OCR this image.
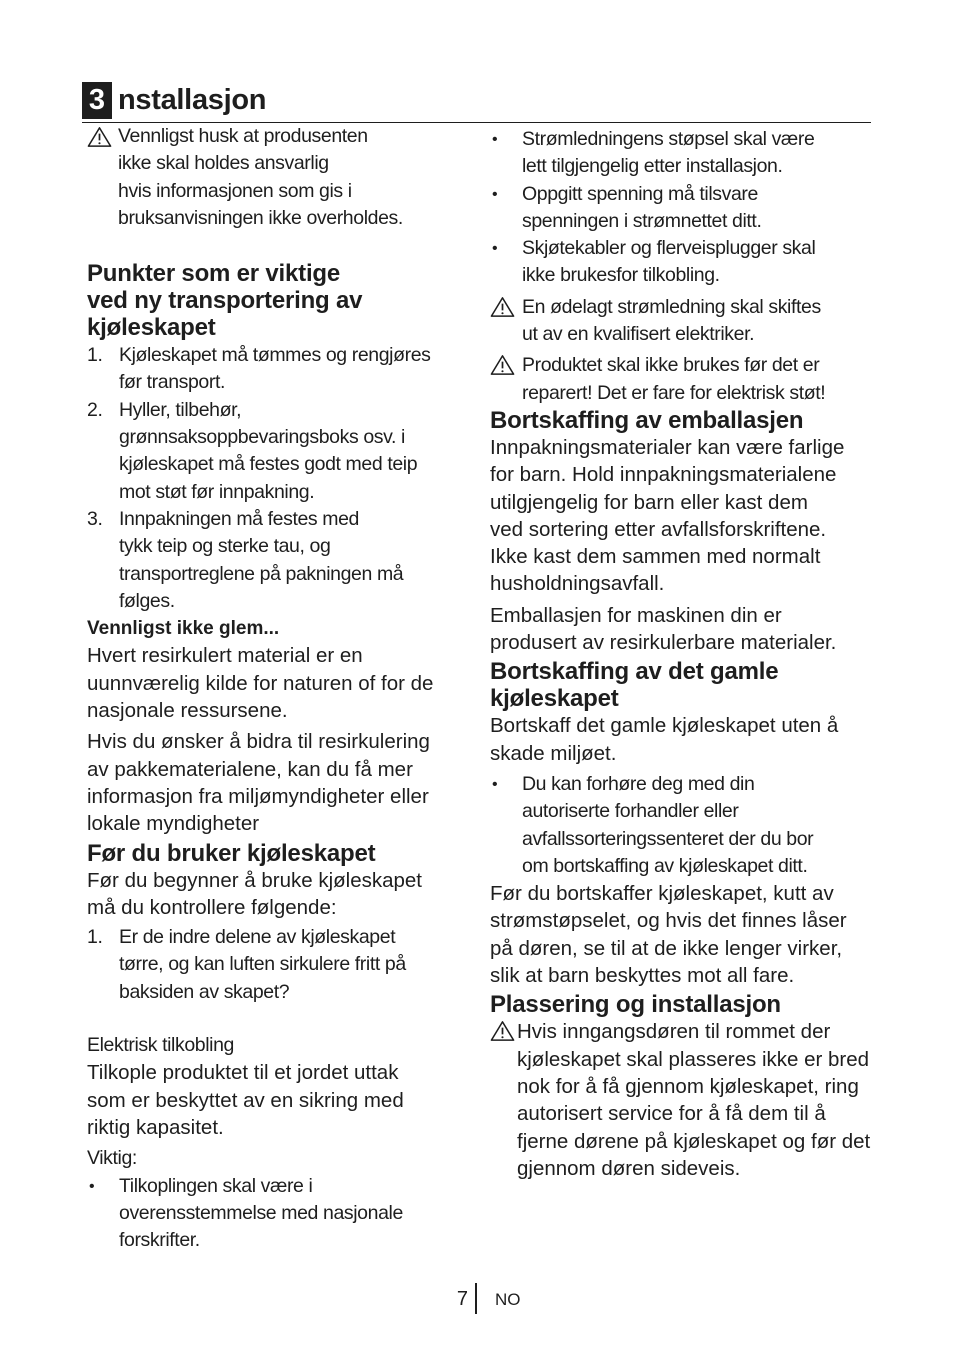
3 nstallasjon
Vennligst husk at produsenten
ikke skal holdes ansvarlig
hvis informasjonen som gis i
bruksanvisningen ikke overholdes.
Punkter som er viktige
ved ny transportering av
kjøleskapet
1. Kjøleskapet må tømmes og rengjøres
før transport.
2. Hyller, tilbehør,
grønnsaksoppbevaringsboks osv. i
kjøleskapet må festes godt med teip
mot støt før innpakning.
3. Innpakningen må festes med
tykk teip og sterke tau, og
transportreglene på pakningen må
følges.
Vennligst ikke glem...

Hvert resirkulert material er en
uunnværelig kilde for naturen of for de
nasjonale ressursene.

Hvis du ønsker å bidra til resirkulering
av pakkematerialene, kan du få mer
informasjon fra miljømyndigheter eller
lokale myndigheter

Før du bruker kjøleskapet

Før du begynner å bruke kjøleskapet
må du kontrollere følgende:

1. Er de indre delene av kjøleskapet
tørre, og kan luften sirkulere fritt på
baksiden av skapet?

Elektrisk tilkobling

Tilkople produktet til et jordet uttak
som er beskyttet av en sikring med
riktig kapasitet.

Viktig:

• Tilkoplingen skal være i
overensstemmelse med nasjonale
forskrifter.
• Strømledningens støpsel skal være
lett tilgjengelig etter installasjon.
• Oppgitt spenning må tilsvare
spenningen i strømnettet ditt.
• Skjøtekabler og flerveisplugger skal
ikke brukesfor tilkobling.
En ødelagt strømledning skal skiftes
ut av en kvalifisert elektriker.
Produktet skal ikke brukes før det er
reparert! Det er fare for elektrisk støt!
Bortskaffing av emballasjen

Innpakningsmaterialer kan være farlige
for barn. Hold innpakningsmaterialene
utilgjengelig for barn eller kast dem
ved sortering etter avfallsforskriftene.
Ikke kast dem sammen med normalt
husholdningsavfall.

Emballasjen for maskinen din er
produsert av resirkulerbare materialer.

Bortskaffing av det gamle
kjøleskapet

Bortskaff det gamle kjøleskapet uten å
skade miljøet.

• Du kan forhøre deg med din
autoriserte forhandler eller
avfallssorteringssenteret der du bor
om bortskaffing av kjøleskapet ditt.

Før du bortskaffer kjøleskapet, kutt av
strømstøpselet, og hvis det finnes låser
på døren, se til at de ikke lenger virker,
slik at barn beskyttes mot all fare.

Plassering og installasjon
Hvis inngangsdøren til rommet der
kjøleskapet skal plasseres ikke er bred
nok for å få gjennom kjøleskapet, ring
autorisert service for å få dem til å
fjerne dørene på kjøleskapet og før det
gjennom døren sideveis.
7 NO
